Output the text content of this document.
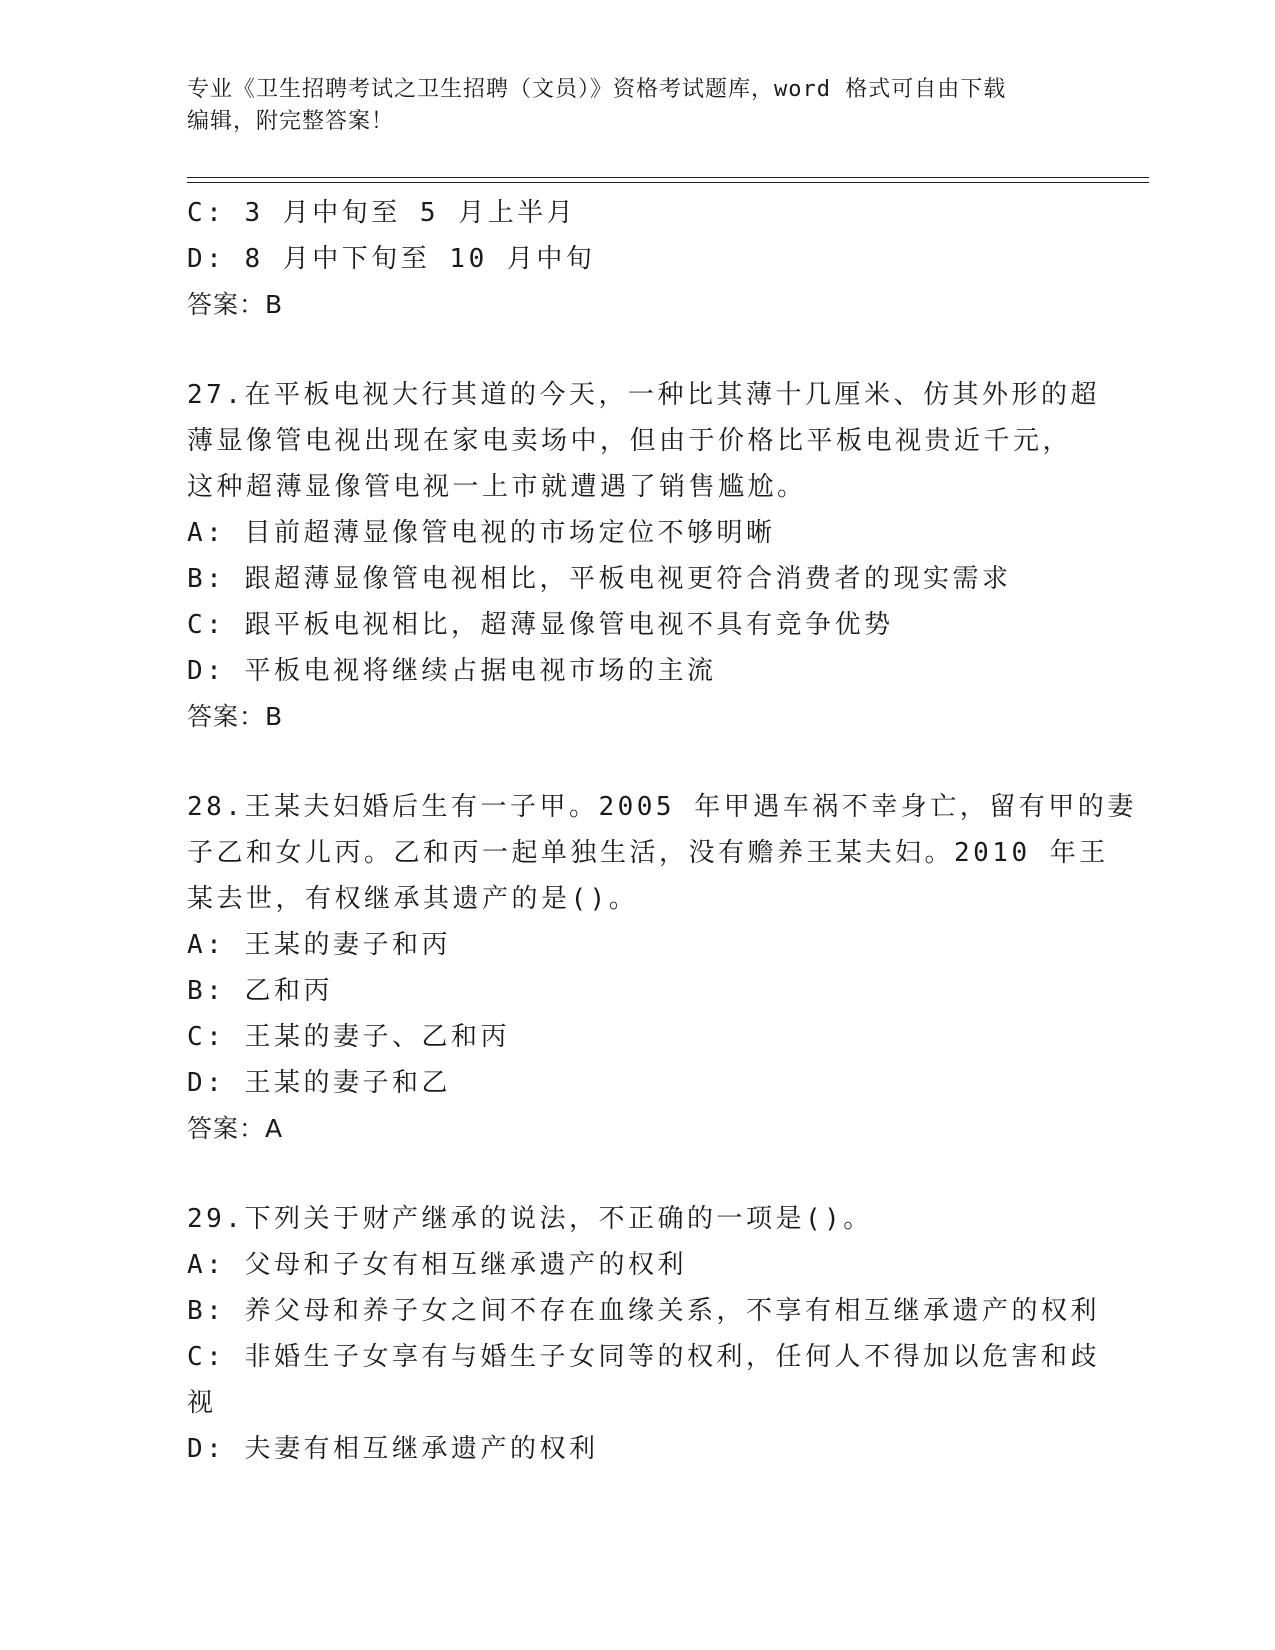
专业《卫生招聘考试之卫生招聘（文员）》资格考试题库，word 格式可自由下载
编辑，附完整答案！
C: 3 月中旬至 5 月上半月
D: 8 月中下旬至 10 月中旬
答案：B
27.在平板电视大行其道的今天，一种比其薄十几厘米、仿其外形的超
薄显像管电视出现在家电卖场中，但由于价格比平板电视贵近千元，
这种超薄显像管电视一上市就遭遇了销售尴尬。
A: 目前超薄显像管电视的市场定位不够明晰
B: 跟超薄显像管电视相比，平板电视更符合消费者的现实需求
C: 跟平板电视相比，超薄显像管电视不具有竞争优势
D: 平板电视将继续占据电视市场的主流
答案：B
28.王某夫妇婚后生有一子甲。2005 年甲遇车祸不幸身亡，留有甲的妻
子乙和女儿丙。乙和丙一起单独生活，没有赡养王某夫妇。2010 年王
某去世，有权继承其遗产的是()。
A: 王某的妻子和丙
B: 乙和丙
C: 王某的妻子、乙和丙
D: 王某的妻子和乙
答案：A
29.下列关于财产继承的说法，不正确的一项是()。
A: 父母和子女有相互继承遗产的权利
B: 养父母和养子女之间不存在血缘关系，不享有相互继承遗产的权利
C: 非婚生子女享有与婚生子女同等的权利，任何人不得加以危害和歧
视
D: 夫妻有相互继承遗产的权利
